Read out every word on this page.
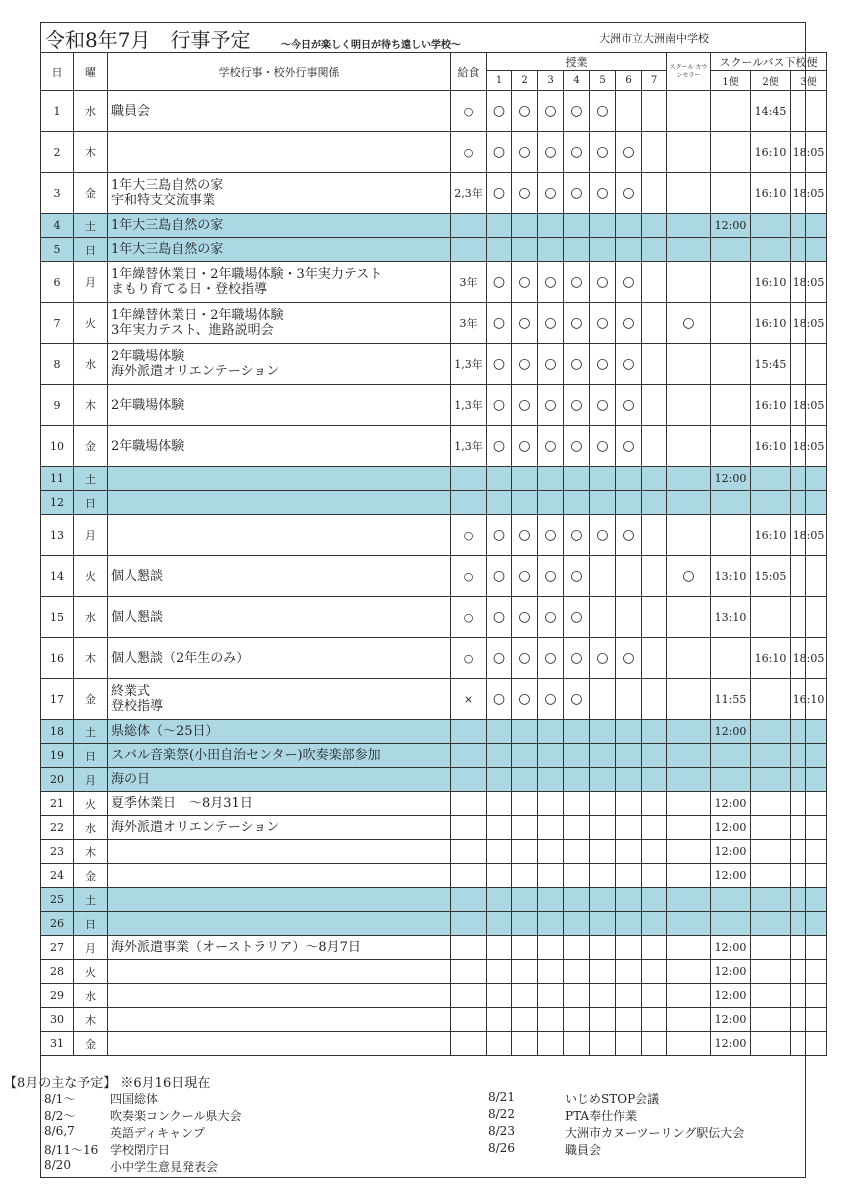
令和8年7月　行事予定	～今日が楽しく明日が待ち遠しい学校～
大洲市立大洲南中学校
日	曜	学校行事・校外行事関係	給食	授業							スクール カウンセラー	スクールバス下校便		
				1	2	3	4	5	6	7		1便	2便	3便
1	水	職員会	○	○	○	○	○	○					14:45	
2	木		○	○	○	○	○	○	○				16:10	18:05
3	金	1年大三島自然の家
宇和特支交流事業	2,3年	○	○	○	○	○	○				16:10	18:05
4	土	1年大三島自然の家										12:00		
5	日	1年大三島自然の家												

6	月	1年繰替休業日・2年職場体験・3年実力テスト
まもり育てる日・登校指導	3年	○	○	○	○	○	○				16:10	18:05
7	火	1年繰替休業日・2年職場体験
3年実力テスト、進路説明会	3年	○	○	○	○	○	○		○		16:10	18:05
8	水	2年職場体験
海外派遣オリエンテーション	1,3年	○	○	○	○	○	○				15:45	
9	木	2年職場体験	1,3年	○	○	○	○	○	○				16:10	18:05
10	金	2年職場体験	1,3年	○	○	○	○	○	○				16:10	18:05
11	土											12:00		
12	日	

13	月		○	○	○	○	○	○	○				16:10	18:05
14	火	個人懇談	○	○	○	○	○				○	13:10	15:05	
15	水	個人懇談	○	○	○	○	○					13:10		
16	木	個人懇談（2年生のみ）	○	○	○	○	○	○	○				16:10	18:05
17	金	終業式
登校指導	×	○	○	○	○					11:55		16:10
18	土	県総体（～25日）										12:00		
19	日	スバル音楽祭(小田自治センター)吹奏楽部参加												

20	月	海の日												

21	火	夏季休業日　～8月31日										12:00		
22	水	海外派遣オリエンテーション										12:00		
23	木											12:00		
24	金											12:00		
25	土	

26	日	

27	月	海外派遣事業（オーストラリア）～8月7日										12:00		
28	火											12:00		
29	水											12:00		
30	木											12:00		
31	金											12:00		
【8月の主な予定】 ※6月16日現在
8/1～	四国総体
8/2～	吹奏楽コンクール県大会
8/6,7	英語ディキャンプ
8/11～16 学校閉庁日
8/20	小中学生意見発表会
8/21	いじめSTOP会議
8/22	PTA奉仕作業
8/23	大洲市カヌーツーリング駅伝大会
8/26	職員会
